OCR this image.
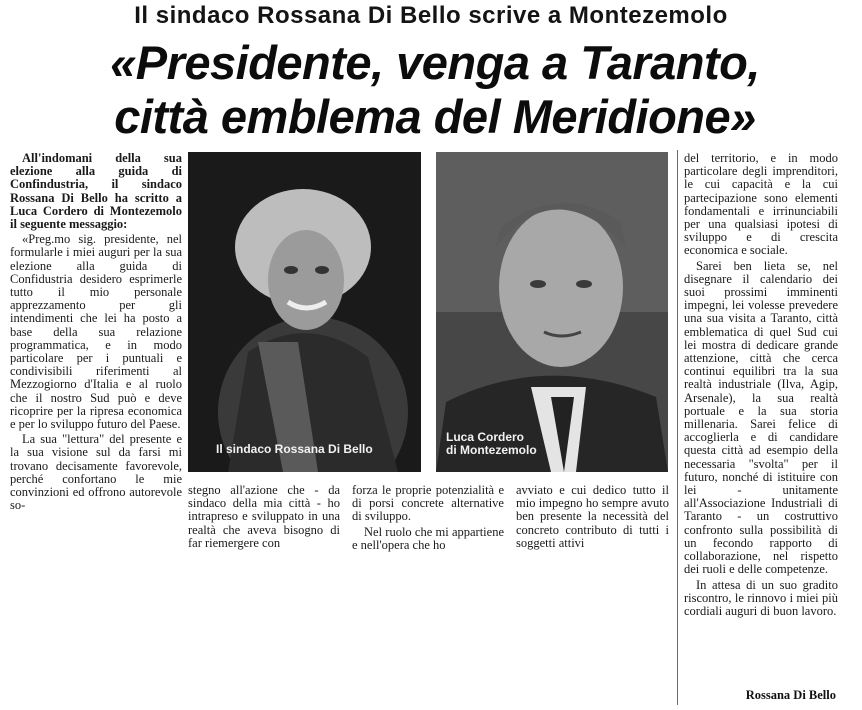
Il sindaco Rossana Di Bello scrive a Montezemolo
«Presidente, venga a Taranto,
città emblema del Meridione»

All'indomani della sua elezione alla guida di Confindustria, il sindaco Rossana Di Bello ha scritto a Luca Cordero di Montezemolo il seguente messaggio:

«Preg.mo sig. presidente, nel formularle i miei auguri per la sua elezione alla guida di Confidustria desidero esprimerle tutto il mio personale apprezzamento per gli intendimenti che lei ha posto a base della sua relazione programmatica, e in modo particolare per i puntuali e condivisibili riferimenti al Mezzogiorno d'Italia e al ruolo che il nostro Sud può e deve ricoprire per la ripresa economica e per lo sviluppo futuro del Paese.

La sua "lettura" del presente e la sua visione sul da farsi mi trovano decisamente favorevole, perché confortano le mie convinzioni ed offrono autorevole so-

Il sindaco Rossana Di Bello
Luca Cordero
di Montezemolo

stegno all'azione che - da sindaco della mia città - ho intrapreso e sviluppato in una realtà che aveva bisogno di far riemergere con

forza le proprie potenzialità e di porsi concrete alternative di sviluppo.

Nel ruolo che mi appartiene e nell'opera che ho

avviato e cui dedico tutto il mio impegno ho sempre avuto ben presente la necessità del concreto contributo di tutti i soggetti attivi

del territorio, e in modo particolare degli imprenditori, le cui capacità e la cui partecipazione sono elementi fondamentali e irrinunciabili per una qualsiasi ipotesi di sviluppo e di crescita economica e sociale.

Sarei ben lieta se, nel disegnare il calendario dei suoi prossimi imminenti impegni, lei volesse prevedere una sua visita a Taranto, città emblematica di quel Sud cui lei mostra di dedicare grande attenzione, città che cerca continui equilibri tra la sua realtà industriale (Ilva, Agip, Arsenale), la sua realtà portuale e la sua storia millenaria. Sarei felice di accoglierla e di candidare questa città ad esempio della necessaria "svolta" per il futuro, nonché di istituire con lei - unitamente all'Associazione Industriali di Taranto - un costruttivo confronto sulla possibilità di un fecondo rapporto di collaborazione, nel rispetto dei ruoli e delle competenze.

In attesa di un suo gradito riscontro, le rinnovo i miei più cordiali auguri di buon lavoro.

Rossana Di Bello
